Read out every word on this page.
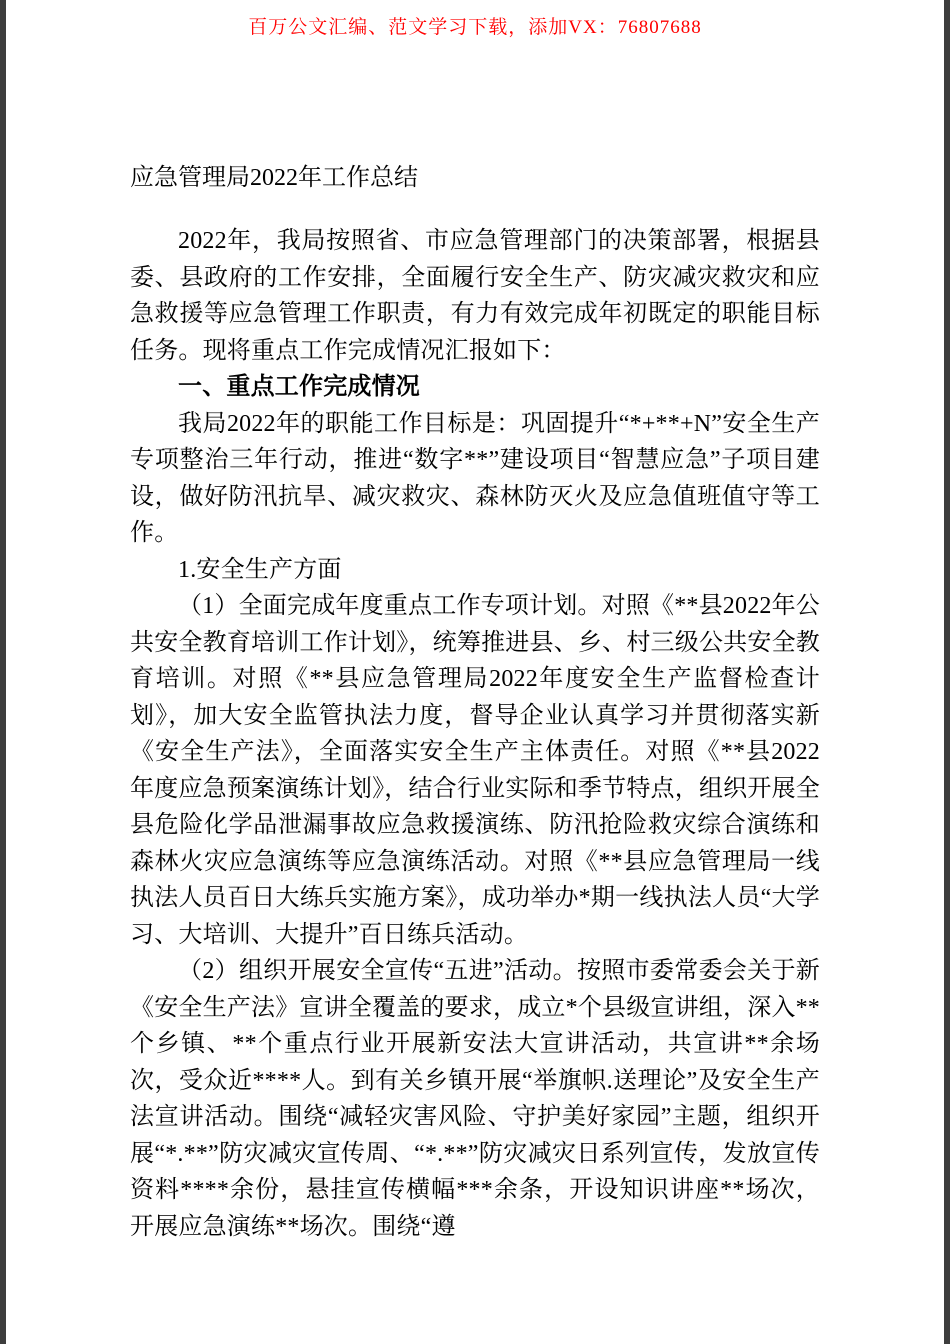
百万公文汇编、范文学习下载，添加VX：76807688
应急管理局2022年工作总结

2022年，我局按照省、市应急管理部门的决策部署，根据县委、县政府的工作安排，全面履行安全生产、防灾减灾救灾和应急救援等应急管理工作职责，有力有效完成年初既定的职能目标任务。现将重点工作完成情况汇报如下：

一、重点工作完成情况

我局2022年的职能工作目标是：巩固提升“*+**+N”安全生产专项整治三年行动，推进“数字**”建设项目“智慧应急”子项目建设，做好防汛抗旱、减灾救灾、森林防灭火及应急值班值守等工作。

1.安全生产方面

（1）全面完成年度重点工作专项计划。对照《**县2022年公共安全教育培训工作计划》，统筹推进县、乡、村三级公共安全教育培训。对照《**县应急管理局2022年度安全生产监督检查计划》，加大安全监管执法力度，督导企业认真学习并贯彻落实新《安全生产法》，全面落实安全生产主体责任。对照《**县2022年度应急预案演练计划》，结合行业实际和季节特点，组织开展全县危险化学品泄漏事故应急救援演练、防汛抢险救灾综合演练和森林火灾应急演练等应急演练活动。对照《**县应急管理局一线执法人员百日大练兵实施方案》，成功举办*期一线执法人员“大学习、大培训、大提升”百日练兵活动。

（2）组织开展安全宣传“五进”活动。按照市委常委会关于新《安全生产法》宣讲全覆盖的要求，成立*个县级宣讲组，深入**个乡镇、**个重点行业开展新安法大宣讲活动，共宣讲**余场次，受众近****人。到有关乡镇开展“举旗帜.送理论”及安全生产法宣讲活动。围绕“减轻灾害风险、守护美好家园”主题，组织开展“*.**”防灾减灾宣传周、“*.**”防灾减灾日系列宣传，发放宣传资料****余份，悬挂宣传横幅***余条，开设知识讲座**场次，开展应急演练**场次。围绕“遵
